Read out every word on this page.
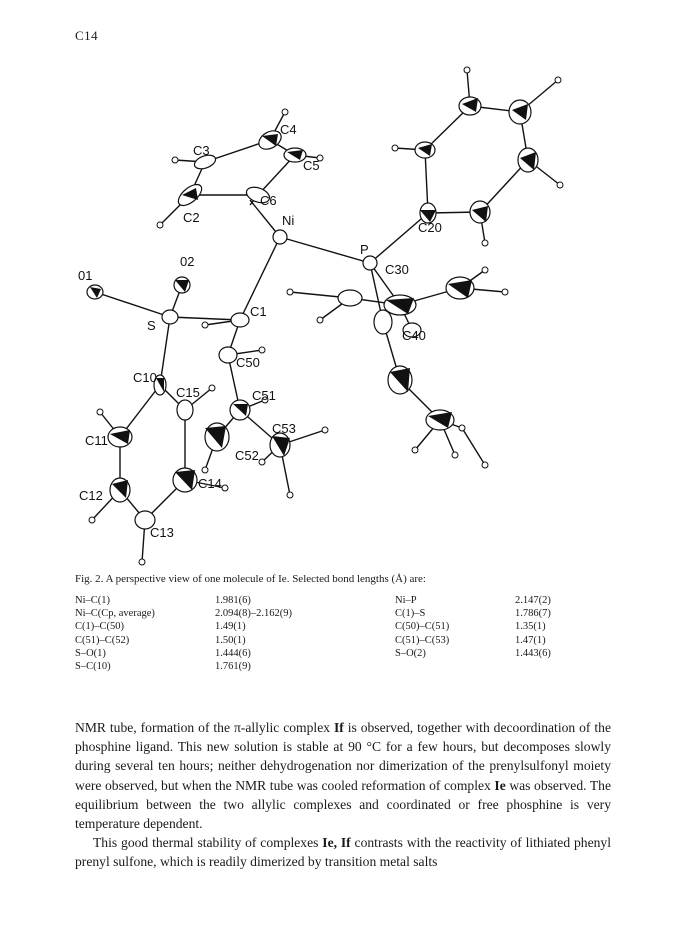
C14
C4
C3
C5
C6
C2	Ni	C20
P
C30
02
01
S
C1
C40
C50
C10
C15	C51
C11
C53
C52
C14
C12
C13
Fig. 2. A perspective view of one molecule of Ie. Selected bond lengths (Å) are:
Ni–C(1)	1.981(6)	Ni–P	2.147(2)
Ni–C(Cp, average)	2.094(8)–2.162(9)	C(1)–S	1.786(7)
C(1)–C(50)	1.49(1)	C(50)–C(51)	1.35(1)
C(51)–C(52)	1.50(1)	C(51)–C(53)	1.47(1)
S–O(1)	1.444(6)	S–O(2)	1.443(6)
S–C(10)	1.761(9)

NMR tube, formation of the π-allylic complex If is observed, together with decoordination of the phosphine ligand. This new solution is stable at 90 °C for a few hours, but decomposes slowly during several ten hours; neither dehydrogenation nor dimerization of the prenylsulfonyl moiety were observed, but when the NMR tube was cooled reformation of complex Ie was observed. The equilibrium between the two allylic complexes and coordinated or free phosphine is very temperature dependent.

This good thermal stability of complexes Ie, If contrasts with the reactivity of lithiated phenyl prenyl sulfone, which is readily dimerized by transition metal salts
